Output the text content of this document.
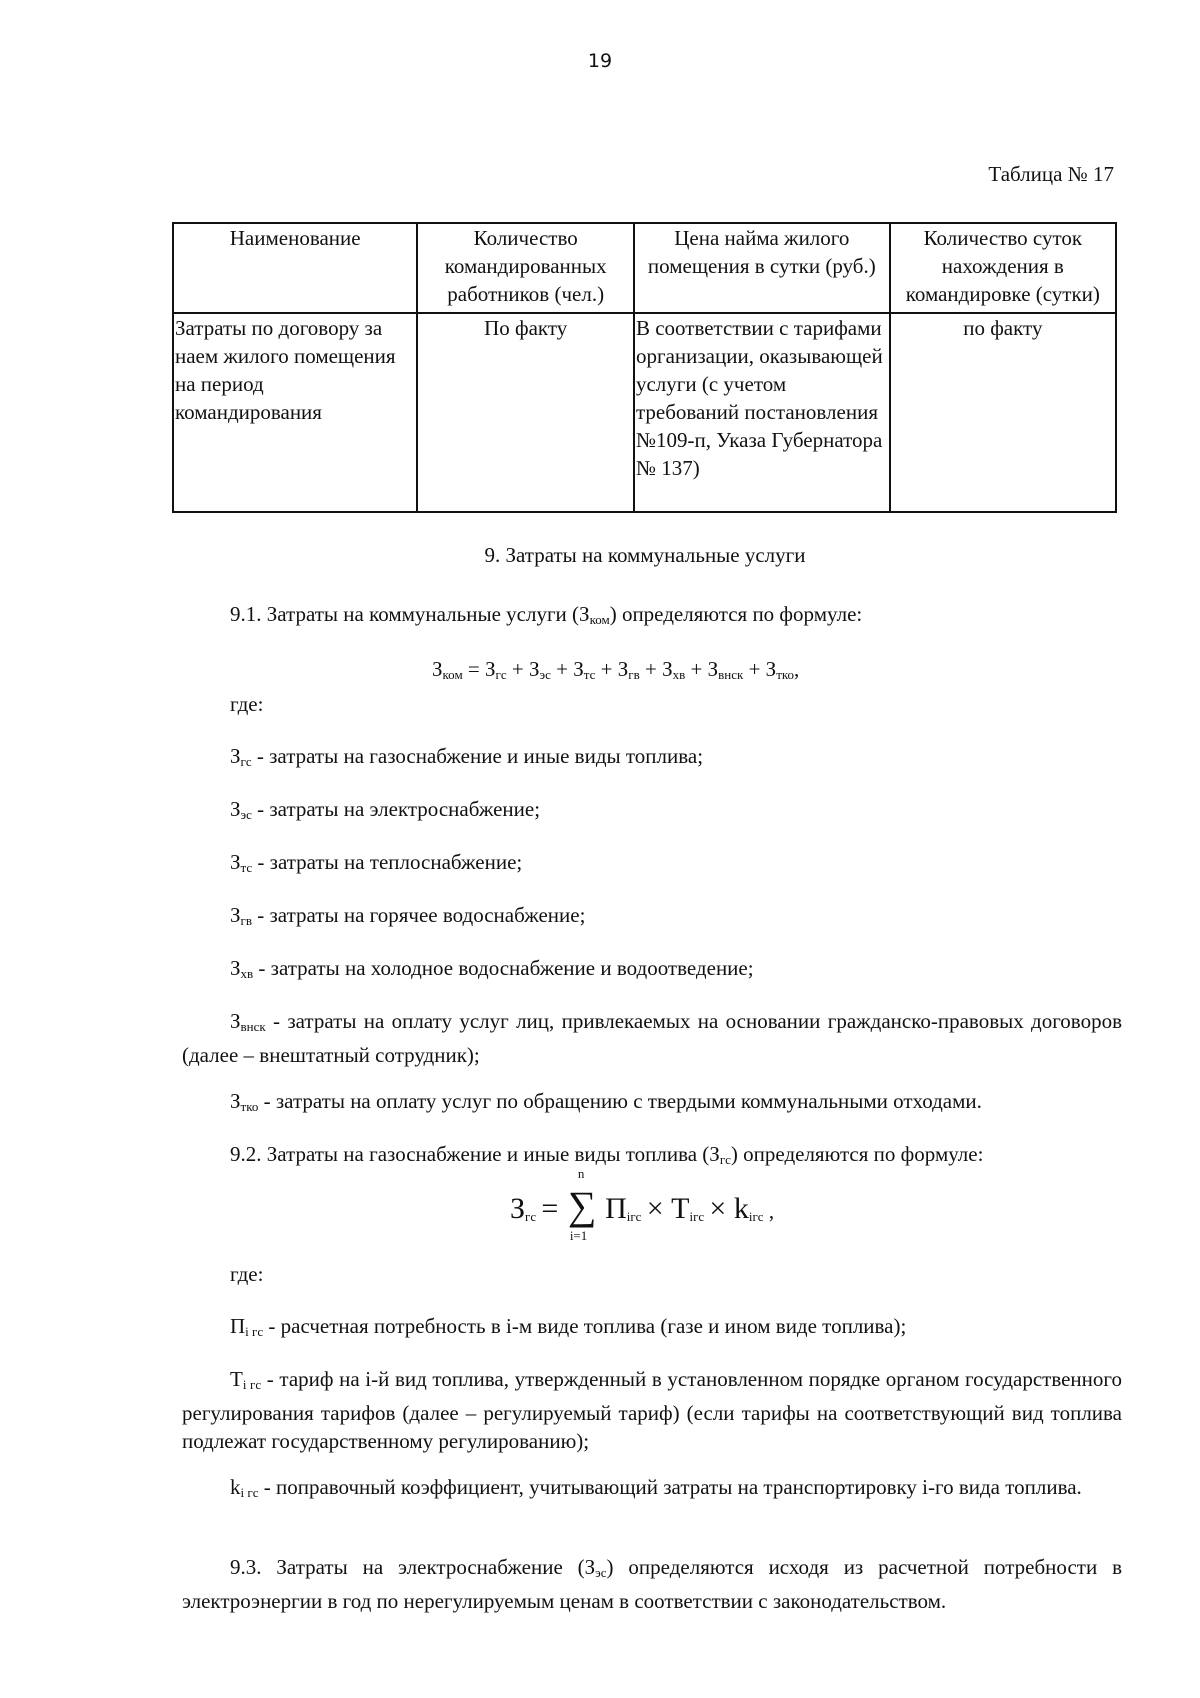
19
Таблица № 17
Наименование	Количество командированных работников (чел.)	Цена найма жилого помещения в сутки (руб.)	Количество суток нахождения в командировке (сутки)
Затраты по договору за наем жилого помещения на период командирования	По факту	В соответствии с тарифами организации, оказывающей услуги (с учетом требований постановления №109-п, Указа Губернатора № 137)	по факту
9. Затраты на коммунальные услуги
9.1. Затраты на коммунальные услуги $(З_{ком})$ определяются по формуле:
$З_{ком} = З_{гс} + З_{эс} + З_{тс} + З_{гв} + З_{хв} + З_{внск} + З_{тко}$,
где:
$З_{гс}$ - затраты на газоснабжение и иные виды топлива;
$З_{эс}$ - затраты на электроснабжение;
$З_{тс}$ - затраты на теплоснабжение;
$З_{гв}$ - затраты на горячее водоснабжение;
$З_{хв}$ - затраты на холодное водоснабжение и водоотведение;
$З_{внск}$ - затраты на оплату услуг лиц, привлекаемых на основании гражданско-правовых договоров (далее – внештатный сотрудник);
$З_{тко}$ - затраты на оплату услуг по обращению с твердыми коммунальными отходами.
9.2. Затраты на газоснабжение и иные виды топлива $(З_{гс})$ определяются по формуле:
$З_{гс}$ =
n
∑
i=1
$П_{iгс} \times Т_{iгс} \times k_{iгс}$ ,
где:
$П_{i гс}$ - расчетная потребность в i-м виде топлива (газе и ином виде топлива);
$Т_{i гс}$ - тариф на i-й вид топлива, утвержденный в установленном порядке органом государственного регулирования тарифов (далее – регулируемый тариф) (если тарифы на соответствующий вид топлива подлежат государственному регулированию);
$k_{i гс}$ - поправочный коэффициент, учитывающий затраты на транспортировку i-го вида топлива.
9.3. Затраты на электроснабжение $(З_{эс})$ определяются исходя из расчетной потребности в электроэнергии в год по нерегулируемым ценам в соответствии с законодательством.
